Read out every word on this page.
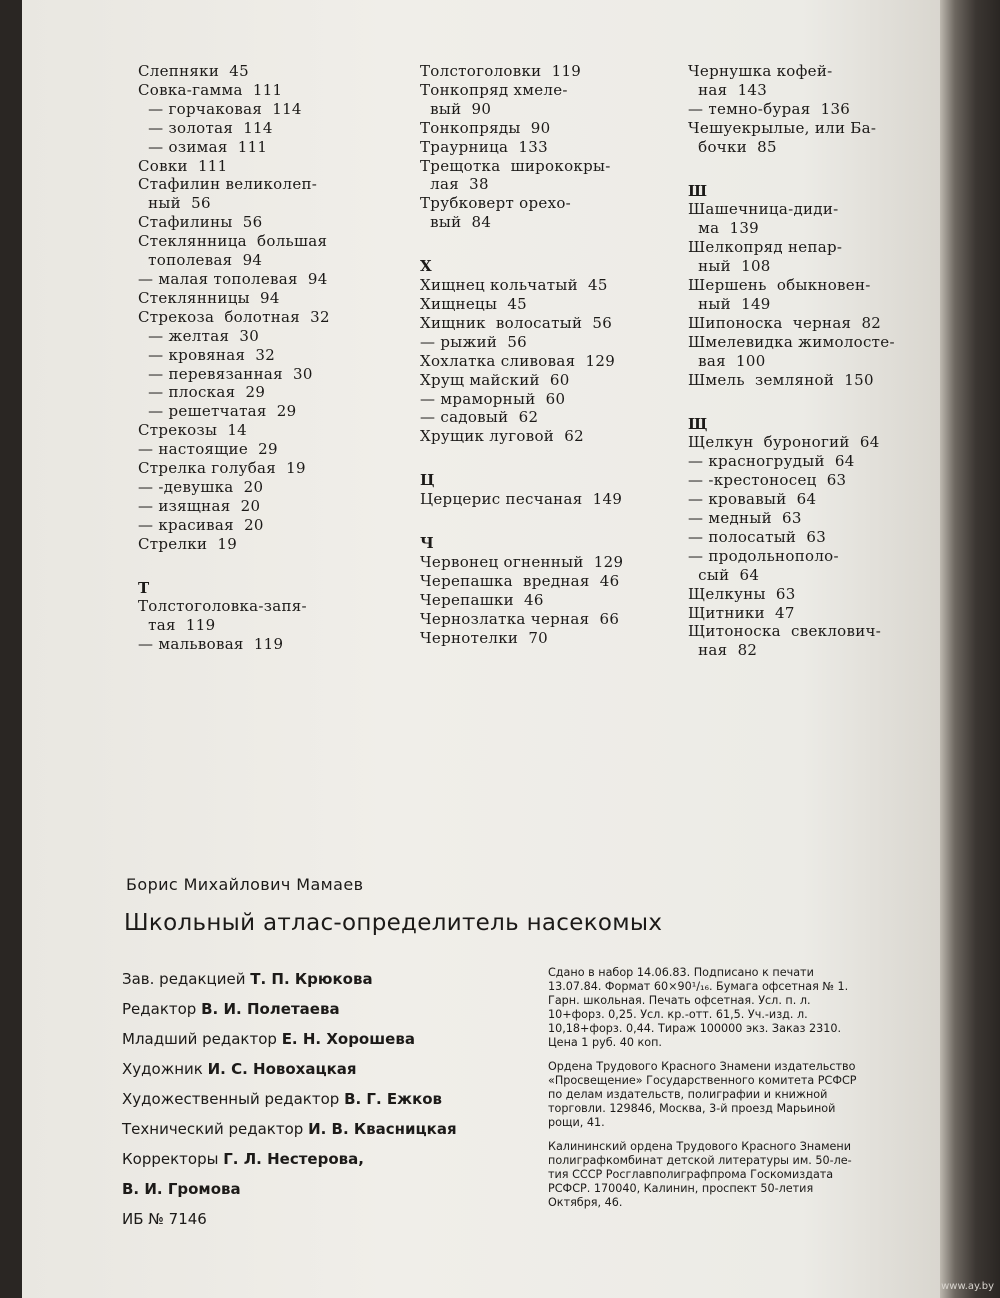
Слепняки  45
Совка-гамма  111
— горчаковая  114
— золотая  114
— озимая  111
Совки  111
Стафилин великолеп-
ный  56
Стафилины  56
Стеклянница  большая
тополевая  94
— малая тополевая  94
Стеклянницы  94
Стрекоза  болотная  32
— желтая  30
— кровяная  32
— перевязанная  30
— плоская  29
— решетчатая  29
Стрекозы  14
— настоящие  29
Стрелка голубая  19
— -девушка  20
— изящная  20
— красивая  20
Стрелки  19
Т
Толстоголовка-запя-
тая  119
— мальвовая  119
Толстоголовки  119
Тонкопряд хмеле-
вый  90
Тонкопряды  90
Траурница  133
Трещотка  ширококры-
лая  38
Трубковерт орехо-
вый  84
Х
Хищнец кольчатый  45
Хищнецы  45
Хищник  волосатый  56
— рыжий  56
Хохлатка сливовая  129
Хрущ майский  60
— мраморный  60
— садовый  62
Хрущик луговой  62
Ц
Церцерис песчаная  149
Ч
Червонец огненный  129
Черепашка  вредная  46
Черепашки  46
Чернозлатка черная  66
Чернотелки  70
Чернушка кофей-
ная  143
— темно-бурая  136
Чешуекрылые, или Ба-
бочки  85
Ш
Шашечница-диди-
ма  139
Шелкопряд непар-
ный  108
Шершень  обыкновен-
ный  149
Шипоноска  черная  82
Шмелевидка жимолосте-
вая  100
Шмель  земляной  150
Щ
Щелкун  буроногий  64
— красногрудый  64
— -крестоносец  63
— кровавый  64
— медный  63
— полосатый  63
— продольнополо-
сый  64
Щелкуны  63
Щитники  47
Щитоноска  свеклович-
ная  82
Борис Михайлович Мамаев
Школьный атлас-определитель насекомых
Зав. редакцией Т. П. Крюкова
Редактор В. И. Полетаева
Младший редактор Е. Н. Хорошева
Художник И. С. Новохацкая
Художественный редактор В. Г. Ежков
Технический редактор И. В. Квасницкая
Корректоры Г. Л. Нестерова,
В. И. Громова
ИБ № 7146

Сдано в набор 14.06.83. Подписано к печати
13.07.84. Формат 60×90¹/₁₆. Бумага офсетная № 1.
Гарн. школьная. Печать офсетная. Усл. п. л.
10+форз. 0,25. Усл. кр.-отт. 61,5. Уч.-изд. л.
10,18+форз. 0,44. Тираж 100000 экз. Заказ 2310.
Цена 1 руб. 40 коп.

Ордена Трудового Красного Знамени издательство
«Просвещение» Государственного комитета РСФСР
по делам издательств, полиграфии и книжной
торговли. 129846, Москва, 3-й проезд Марьиной
рощи, 41.

Калининский ордена Трудового Красного Знамени
полиграфкомбинат детской литературы им. 50-ле-
тия СССР Росглавполиграфпрома Госкомиздата
РСФСР. 170040, Калинин, проспект 50-летия
Октября, 46.

www.ay.by
